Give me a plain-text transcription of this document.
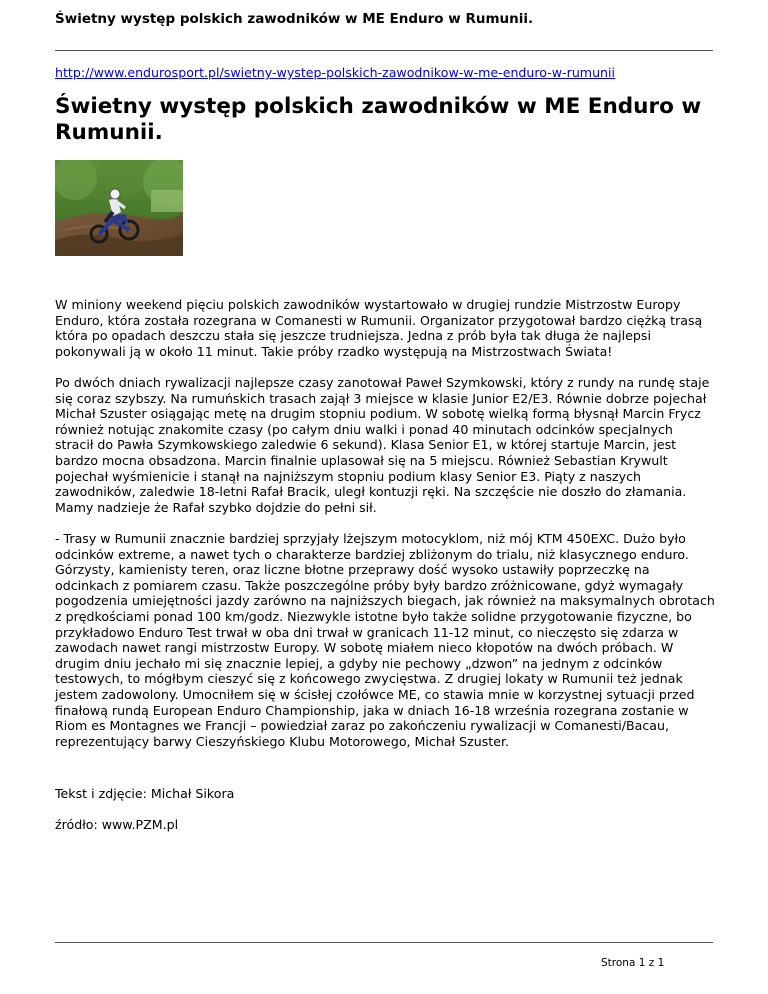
Świetny występ polskich zawodników w ME Enduro w Rumunii.
http://www.endurosport.pl/swietny-wystep-polskich-zawodnikow-w-me-enduro-w-rumunii
Świetny występ polskich zawodników w ME Enduro w Rumunii.

W miniony weekend pięciu polskich zawodników wystartowało w drugiej rundzie Mistrzostw Europy Enduro, która została rozegrana w Comanesti w Rumunii. Organizator przygotował bardzo ciężką trasą która po opadach deszczu stała się jeszcze trudniejsza. Jedna z prób była tak długa że najlepsi pokonywali ją w około 11 minut. Takie próby rzadko występują na Mistrzostwach Świata!

Po dwóch dniach rywalizacji najlepsze czasy zanotował Paweł Szymkowski, który z rundy na rundę staje się coraz szybszy. Na rumuńskich trasach zajął 3 miejsce w klasie Junior E2/E3. Równie dobrze pojechał Michał Szuster osiągając metę na drugim stopniu podium. W sobotę wielką formą błysnął Marcin Frycz również notując znakomite czasy (po całym dniu walki i ponad 40 minutach odcinków specjalnych stracił do Pawła Szymkowskiego zaledwie 6 sekund). Klasa Senior E1, w której startuje Marcin, jest bardzo mocna obsadzona. Marcin finalnie uplasował się na 5 miejscu. Również Sebastian Krywult pojechał wyśmienicie i stanął na najniższym stopniu podium klasy Senior E3. Piąty z naszych zawodników, zaledwie 18-letni Rafał Bracik, uległ kontuzji ręki. Na szczęście nie doszło do złamania. Mamy nadzieje że Rafał szybko dojdzie do pełni sił.

- Trasy w Rumunii znacznie bardziej sprzyjały lżejszym motocyklom, niż mój KTM 450EXC. Dużo było odcinków extreme, a nawet tych o charakterze bardziej zbliżonym do trialu, niż klasycznego enduro. Górzysty, kamienisty teren, oraz liczne błotne przeprawy dość wysoko ustawiły poprzeczkę na odcinkach z pomiarem czasu. Także poszczególne próby były bardzo zróżnicowane, gdyż wymagały pogodzenia umiejętności jazdy zarówno na najniższych biegach, jak również na maksymalnych obrotach z prędkościami ponad 100 km/godz. Niezwykle istotne było także solidne przygotowanie fizyczne, bo przykładowo Enduro Test trwał w oba dni trwał w granicach 11-12 minut, co nieczęsto się zdarza w zawodach nawet rangi mistrzostw Europy. W sobotę miałem nieco kłopotów na dwóch próbach. W drugim dniu jechało mi się znacznie lepiej, a gdyby nie pechowy „dzwon” na jednym z odcinków testowych, to mógłbym cieszyć się z końcowego zwycięstwa. Z drugiej lokaty w Rumunii też jednak jestem zadowolony. Umocniłem się w ścisłej czołówce ME, co stawia mnie w korzystnej sytuacji przed finałową rundą European Enduro Championship, jaka w dniach 16-18 września rozegrana zostanie w Riom es Montagnes we Francji – powiedział zaraz po zakończeniu rywalizacji w Comanesti/Bacau, reprezentujący barwy Cieszyńskiego Klubu Motorowego, Michał Szuster.

Tekst i zdjęcie: Michał Sikora

źródło: www.PZM.pl

Strona 1 z 1
